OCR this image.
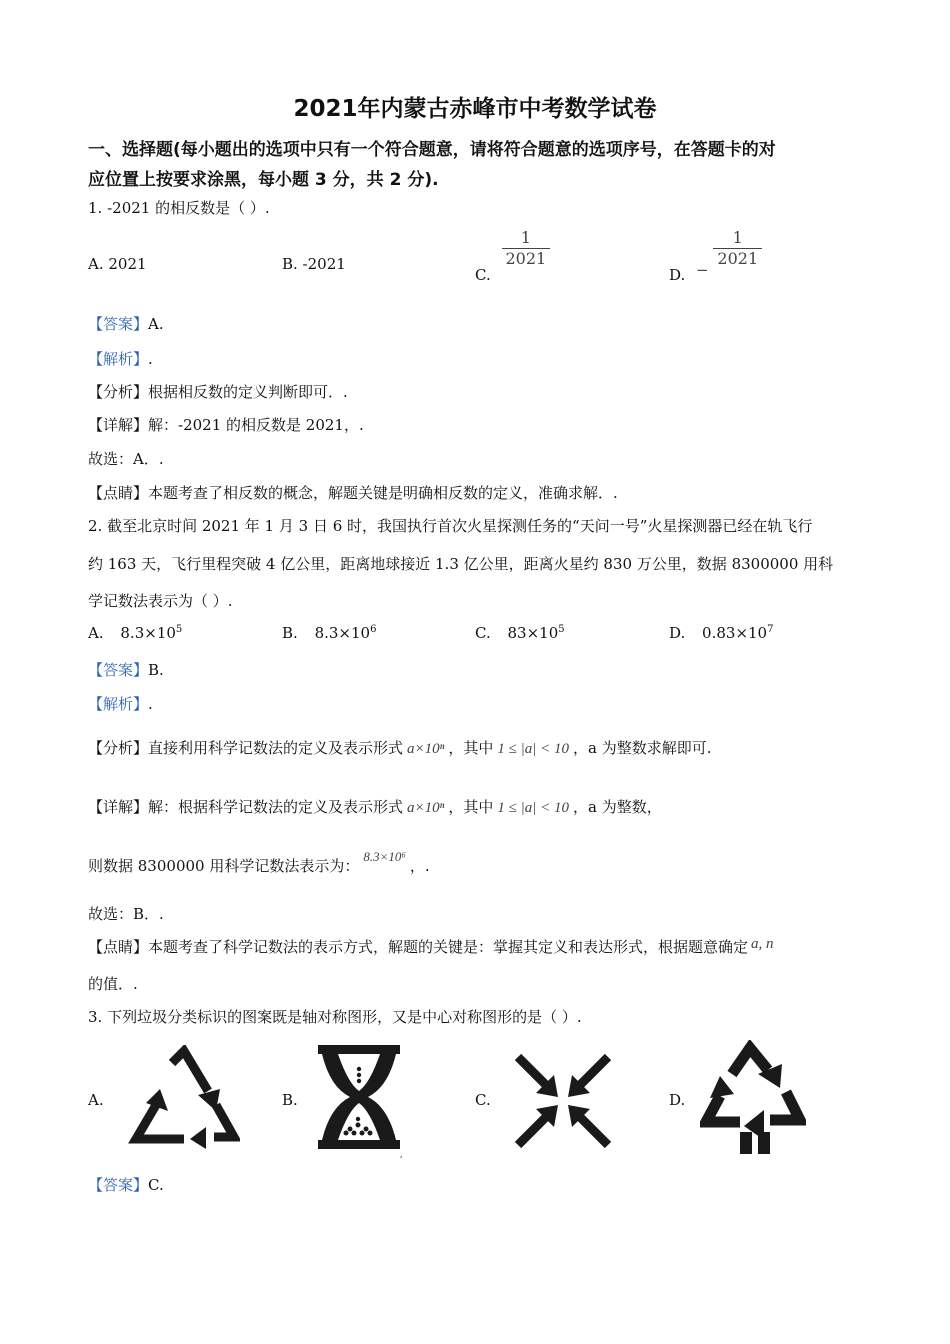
2021年内蒙古赤峰市中考数学试卷
一、选择题(每小题出的选项中只有一个符合题意，请将符合题意的选项序号，在答题卡的对
应位置上按要求涂黑，每小题 3 分，共 2 分).
1. -2021 的相反数是（ ）.
A. 2021	B. -2021
C.
$\frac{1}{2021}$
D. −
$\frac{1}{2021}$
【答案】A.
【解析】.
【分析】根据相反数的定义判断即可．.
【详解】解：-2021 的相反数是 2021，.
故选：A．.
【点睛】本题考查了相反数的概念，解题关键是明确相反数的定义，准确求解．.
2. 截至北京时间 2021 年 1 月 3 日 6 时，我国执行首次火星探测任务的“天问一号”火星探测器已经在轨飞行
约 163 天，飞行里程突破 4 亿公里，距离地球接近 1.3 亿公里，距离火星约 830 万公里，数据 8300000 用科
学记数法表示为（ ）.
A. $8.3\times 10^5$	B. $8.3\times 10^6$	C. $83\times 10^5$	D. $0.83\times 10^7$
【答案】B.
【解析】.
【分析】直接利用科学记数法的定义及表示形式 a×10ⁿ ，其中 1 ≤ |a| < 10 ，a 为整数求解即可.
【详解】解：根据科学记数法的定义及表示形式 a×10ⁿ ，其中 1 ≤ |a| < 10 ，a 为整数，
则数据 8300000 用科学记数法表示为：8.3×10⁶，.
故选：B．.
【点睛】本题考查了科学记数法的表示方式，解题的关键是：掌握其定义和表达形式，根据题意确定 a, n
的值．.
3. 下列垃圾分类标识的图案既是轴对称图形，又是中心对称图形的是（ ）.
A.	B.	C.	D.
,
【答案】C.
